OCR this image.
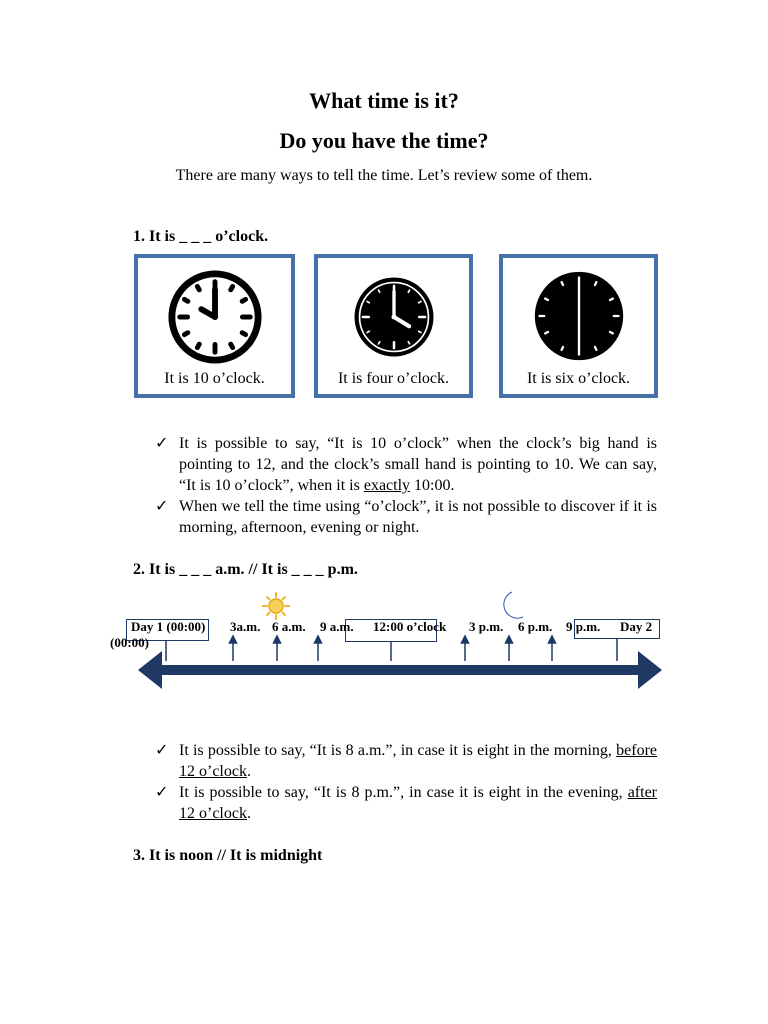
What time is it?
Do you have the time?
There are many ways to tell the time. Let’s review some of them.
1. It is _ _ _ o’clock.
It is 10 o’clock.	It is four o’clock.	It is six o’clock.
✓ It is possible to say, “It is 10 o’clock” when the clock’s big hand is pointing to 12, and the clock’s small hand is pointing to 10. We can say, “It is 10 o’clock”, when it is exactly 10:00.
✓ When we tell the time using “o’clock”, it is not possible to discover if it is morning, afternoon, evening or night.
2. It is _ _ _ a.m. // It is _ _ _ p.m.
Day 1 (00:00)
(00:00)
3a.m. 6 a.m. 9 a.m. 12:00 o’clock 3 p.m. 6 p.m. 9 p.m. Day 2
✓ It is possible to say, “It is 8 a.m.”, in case it is eight in the morning, before 12 o’clock.
✓ It is possible to say, “It is 8 p.m.”, in case it is eight in the evening, after 12 o’clock.
3. It is noon // It is midnight
